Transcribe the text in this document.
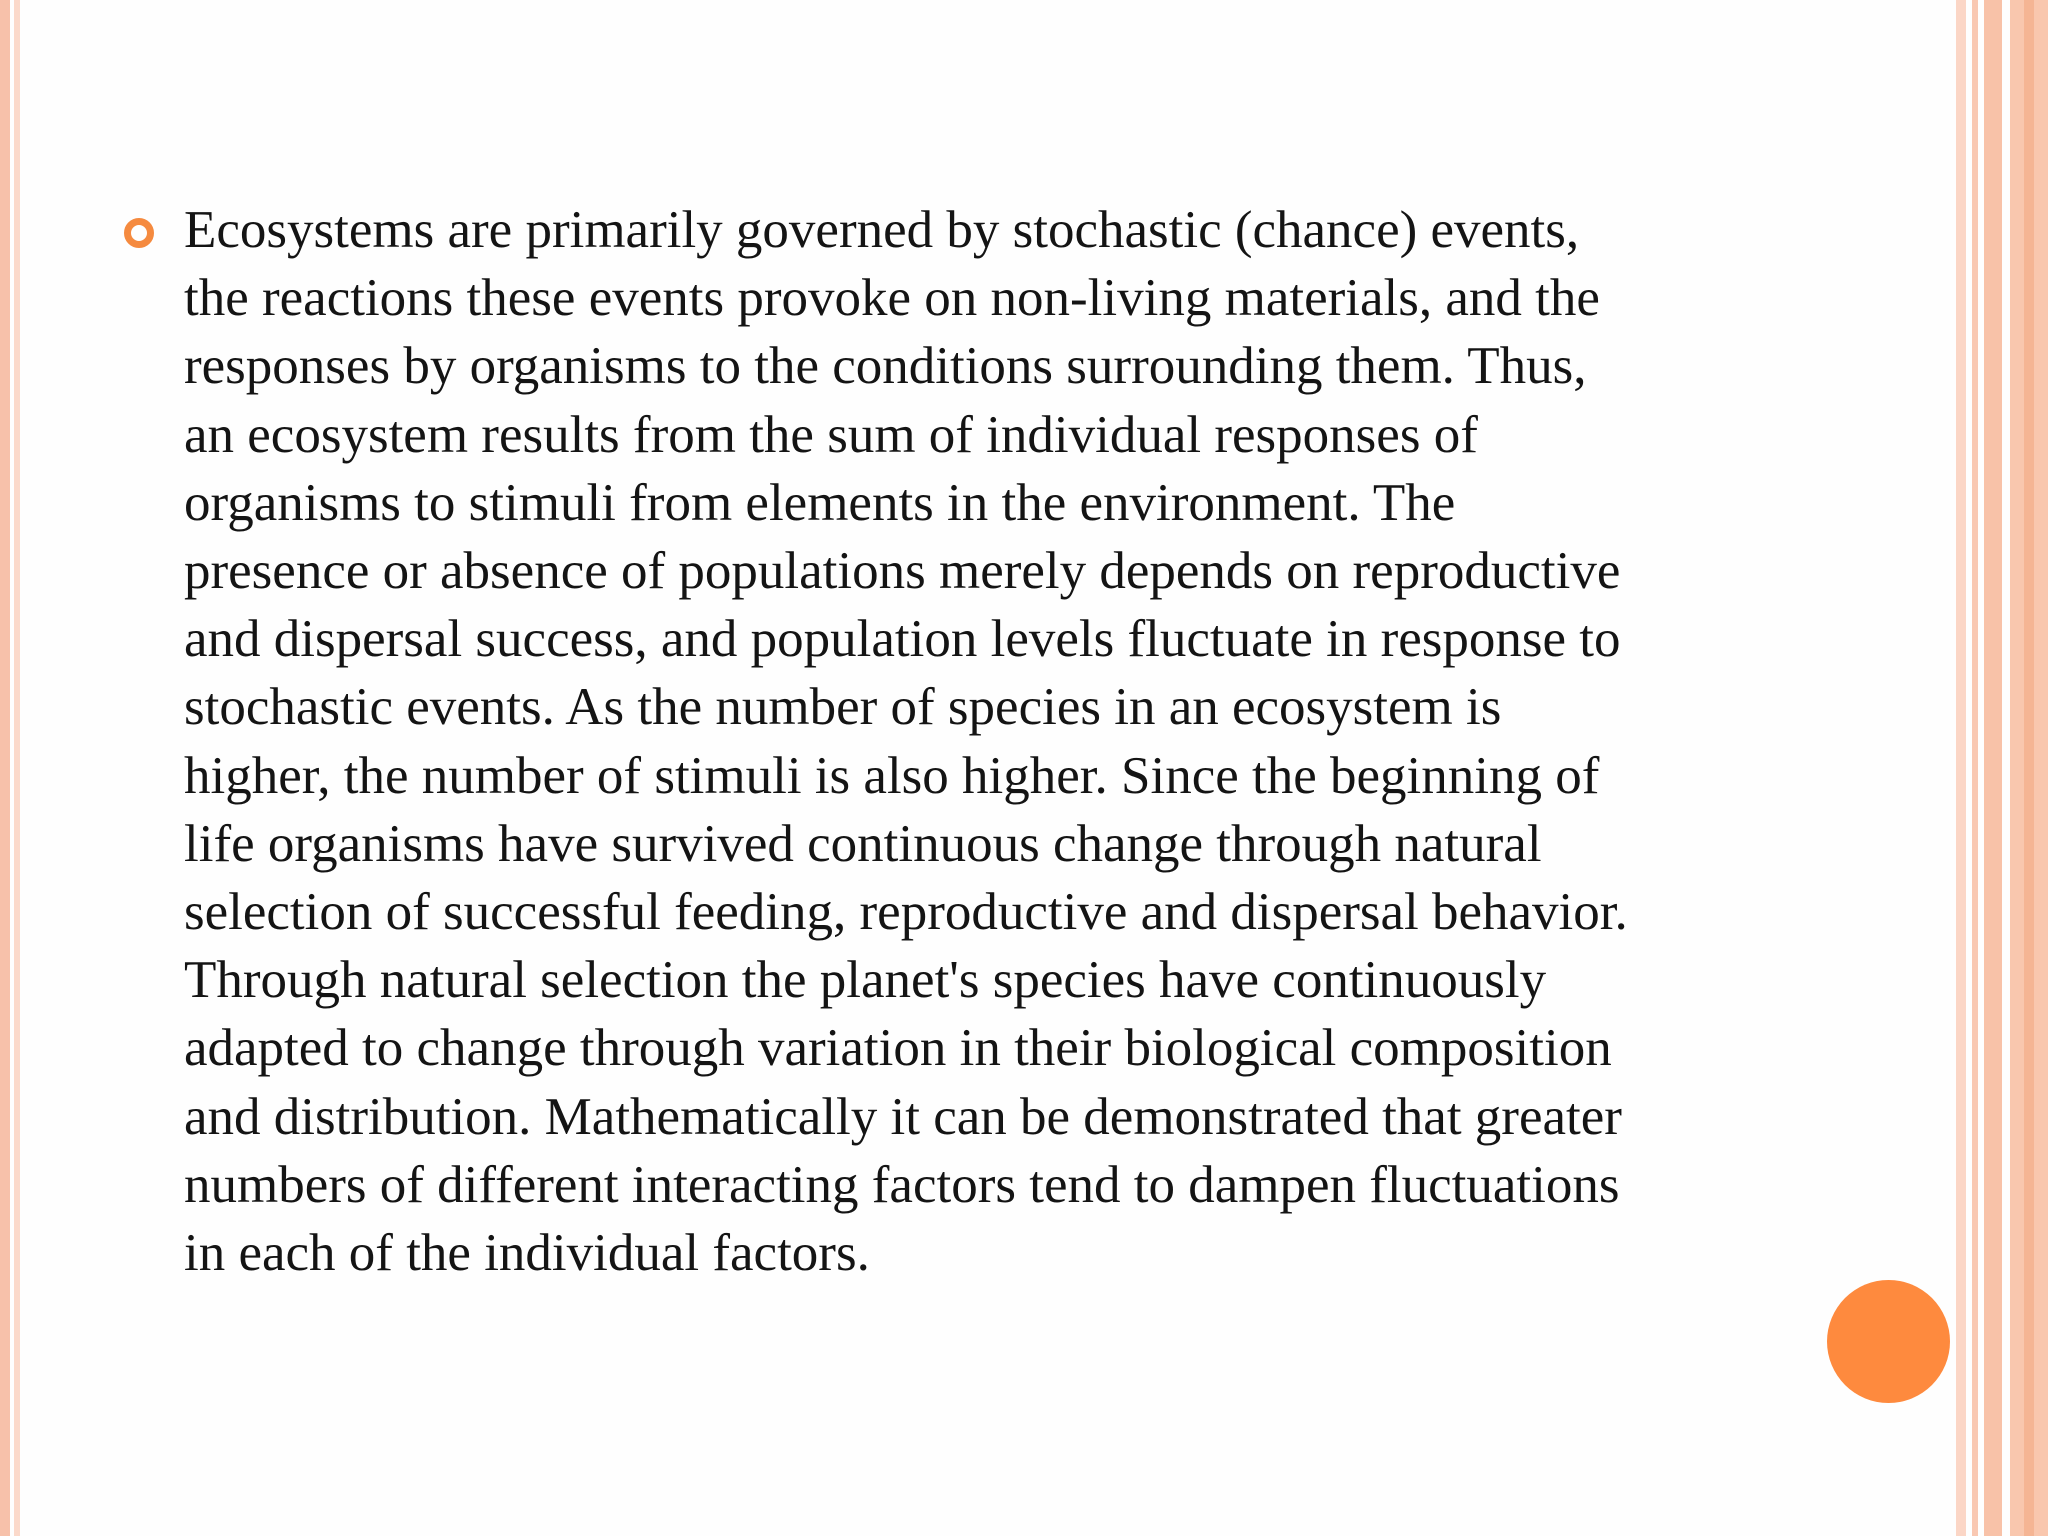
Ecosystems are primarily governed by stochastic (chance) events,
the reactions these events provoke on non-living materials, and the
responses by organisms to the conditions surrounding them. Thus,
an ecosystem results from the sum of individual responses of
organisms to stimuli from elements in the environment. The
presence or absence of populations merely depends on reproductive
and dispersal success, and population levels fluctuate in response to
stochastic events. As the number of species in an ecosystem is
higher, the number of stimuli is also higher. Since the beginning of
life organisms have survived continuous change through natural
selection of successful feeding, reproductive and dispersal behavior.
Through natural selection the planet's species have continuously
adapted to change through variation in their biological composition
and distribution. Mathematically it can be demonstrated that greater
numbers of different interacting factors tend to dampen fluctuations
in each of the individual factors.
